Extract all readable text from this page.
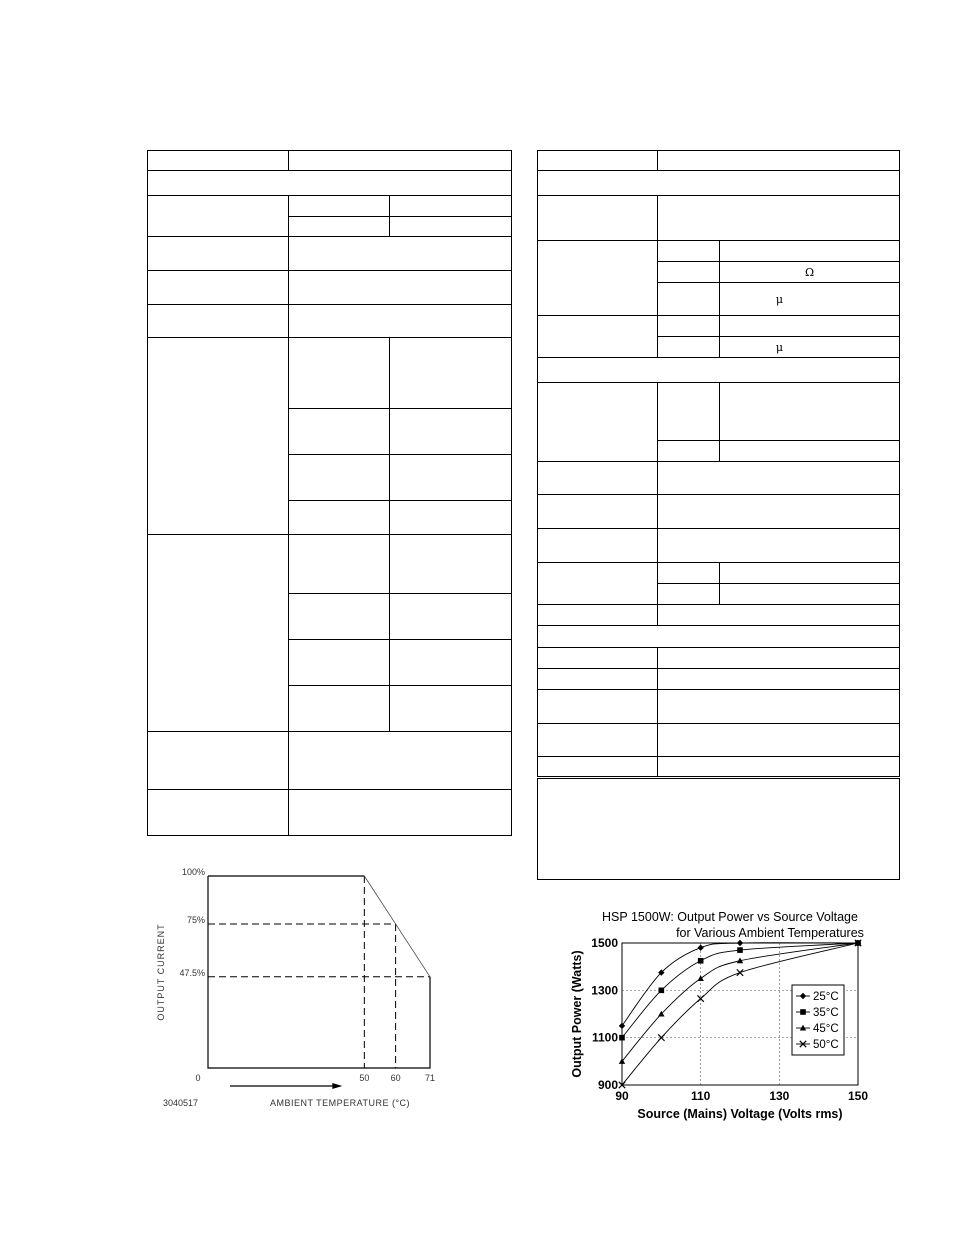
		Ω
		μ

		μ

100%
75%
47.5%
0	50 60	71
OUTPUT CURRENT
AMBIENT TEMPERATURE (°C)
3040517
HSP 1500W: Output Power vs Source Voltage
for Various Ambient Temperatures
900
1100
1300
1500
90	110	130	150
25°C
35°C
45°C
50°C
Source (Mains) Voltage (Volts rms)
Output Power (Watts)
